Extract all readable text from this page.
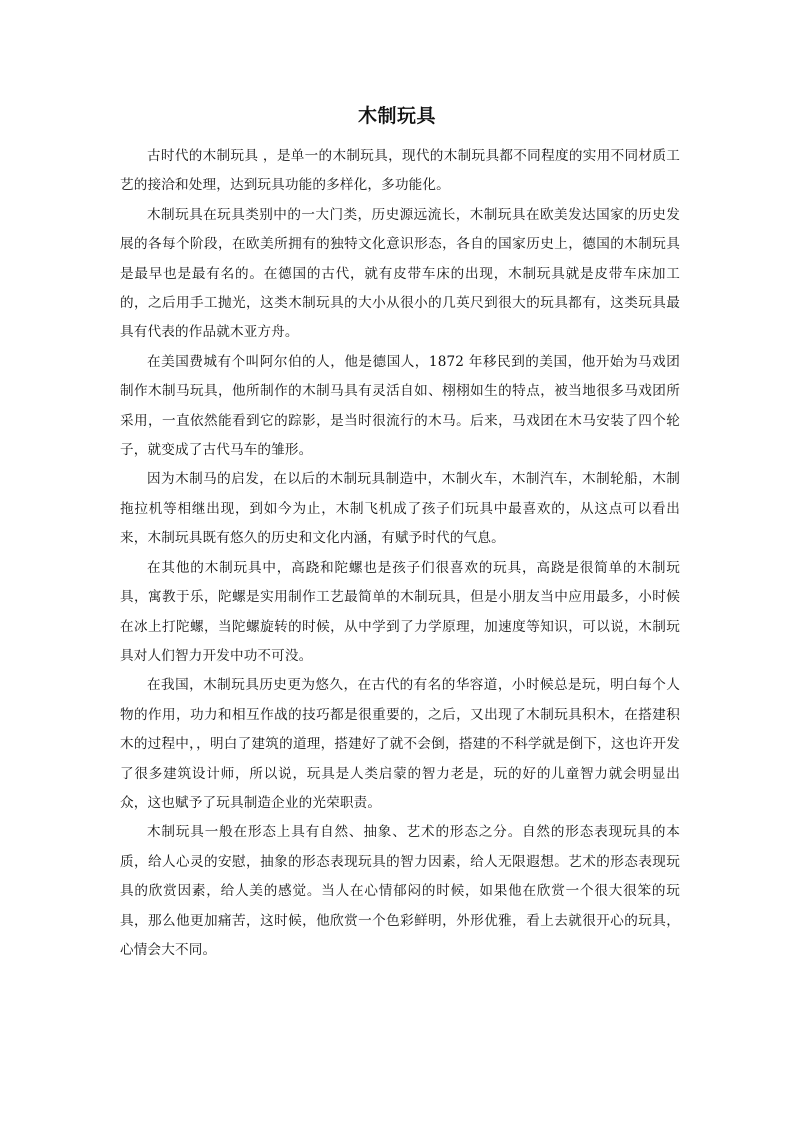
木制玩具

古时代的木制玩具 ，是单一的木制玩具，现代的木制玩具都不同程度的实用不同材质工艺的接洽和处理，达到玩具功能的多样化，多功能化。

木制玩具在玩具类别中的一大门类，历史源远流长，木制玩具在欧美发达国家的历史发展的各每个阶段，在欧美所拥有的独特文化意识形态，各自的国家历史上，德国的木制玩具是最早也是最有名的。在德国的古代，就有皮带车床的出现，木制玩具就是皮带车床加工的，之后用手工抛光，这类木制玩具的大小从很小的几英尺到很大的玩具都有，这类玩具最具有代表的作品就木亚方舟。

在美国费城有个叫阿尔伯的人，他是德国人，1872 年移民到的美国，他开始为马戏团制作木制马玩具，他所制作的木制马具有灵活自如、栩栩如生的特点，被当地很多马戏团所采用，一直依然能看到它的踪影，是当时很流行的木马。后来，马戏团在木马安装了四个轮子，就变成了古代马车的雏形。

因为木制马的启发，在以后的木制玩具制造中，木制火车，木制汽车，木制轮船，木制拖拉机等相继出现，到如今为止，木制飞机成了孩子们玩具中最喜欢的，从这点可以看出来，木制玩具既有悠久的历史和文化内涵，有赋予时代的气息。

在其他的木制玩具中，高跷和陀螺也是孩子们很喜欢的玩具，高跷是很简单的木制玩具，寓教于乐，陀螺是实用制作工艺最简单的木制玩具，但是小朋友当中应用最多，小时候在冰上打陀螺，当陀螺旋转的时候，从中学到了力学原理，加速度等知识，可以说，木制玩具对人们智力开发中功不可没。

在我国，木制玩具历史更为悠久，在古代的有名的华容道，小时候总是玩，明白每个人物的作用，功力和相互作战的技巧都是很重要的，之后，又出现了木制玩具积木，在搭建积木的过程中，，明白了建筑的道理，搭建好了就不会倒，搭建的不科学就是倒下，这也许开发了很多建筑设计师，所以说，玩具是人类启蒙的智力老是，玩的好的儿童智力就会明显出众，这也赋予了玩具制造企业的光荣职责。

木制玩具一般在形态上具有自然、抽象、艺术的形态之分。自然的形态表现玩具的本质，给人心灵的安慰，抽象的形态表现玩具的智力因素，给人无限遐想。艺术的形态表现玩具的欣赏因素，给人美的感觉。当人在心情郁闷的时候，如果他在欣赏一个很大很笨的玩具，那么他更加痛苦，这时候，他欣赏一个色彩鲜明，外形优雅，看上去就很开心的玩具，心情会大不同。
